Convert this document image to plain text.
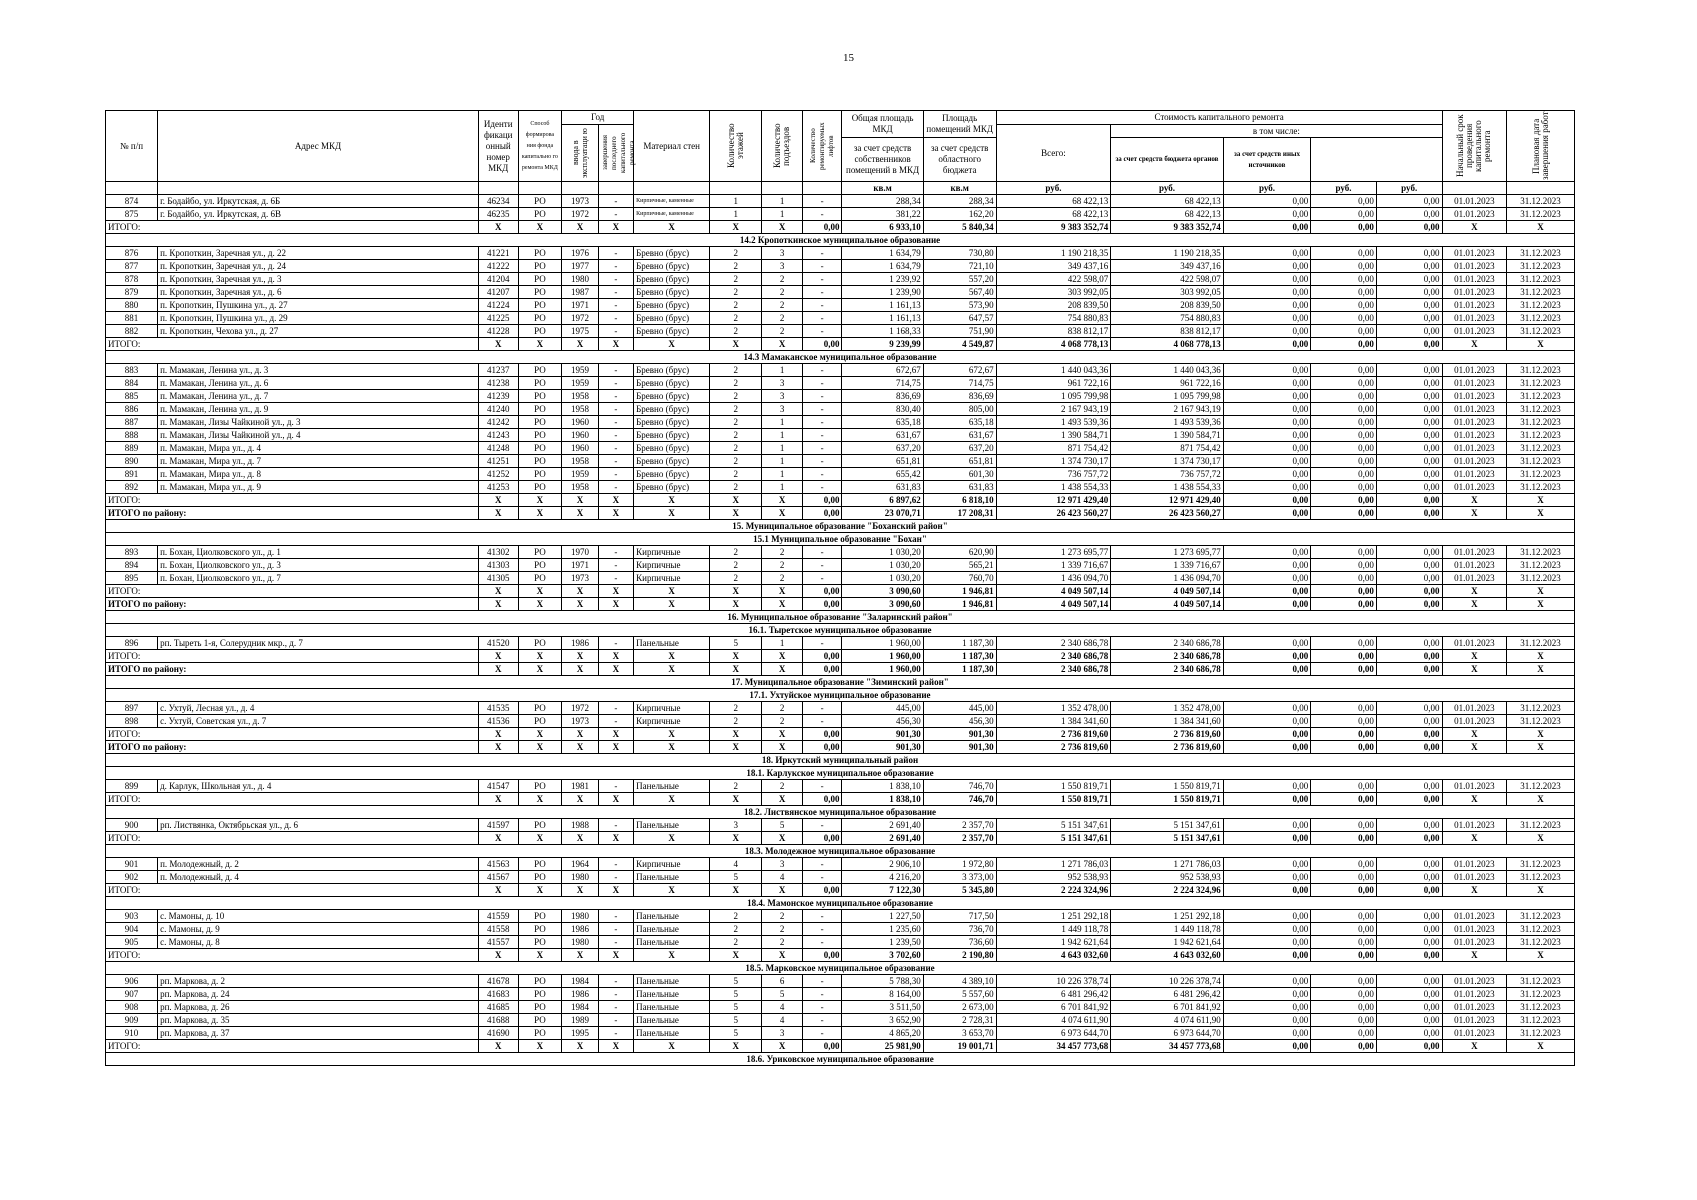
15
№ п/п	Адрес МКД	Иденти фикаци онный номер МКД	Способ формирова ния фонда капитально го ремонта МКД	Год		Материал стен	Количество этажей	Количество подъездов	Количество ремонтируемых лифтов	Общая площадь МКД	Площадь помещений МКД	Стоимость капитального ремонта					Начальный срок проведения капитального ремонта	Плановая дата завершения работ

				ввода в эксплуатаци ю	завершения последнего капитального ремонта							Всего:	в том числе:					
										за счет средств собственников помещений в МКД	за счет средств областного бюджета		за счет средств бюджета органов	за счет средств иных источников				
										кв.м	кв.м	руб.	руб.	руб.	руб.	руб.		
874	г. Бодайбо, ул. Иркутская, д. 6Б	46234	РО	1973	-	Кирпичные, каменные	1	1	-	288,34	288,34	68 422,13	68 422,13	0,00	0,00	0,00	01.01.2023	31.12.2023
875	г. Бодайбо, ул. Иркутская, д. 6В	46235	РО	1972	-	Кирпичные, каменные	1	1	-	381,22	162,20	68 422,13	68 422,13	0,00	0,00	0,00	01.01.2023	31.12.2023
ИТОГО:		X	X	X	X	X	X	X	0,00	6 933,10	5 840,34	9 383 352,74	9 383 352,74	0,00	0,00	0,00	X	X
14.2 Кропоткинское муниципальное образование																		
876	п. Кропоткин, Заречная ул., д. 22	41221	РО	1976	-	Бревно (брус)	2	3	-	1 634,79	730,80	1 190 218,35	1 190 218,35	0,00	0,00	0,00	01.01.2023	31.12.2023
877	п. Кропоткин, Заречная ул., д. 24	41222	РО	1977	-	Бревно (брус)	2	3	-	1 634,79	721,10	349 437,16	349 437,16	0,00	0,00	0,00	01.01.2023	31.12.2023
878	п. Кропоткин, Заречная ул., д. 3	41204	РО	1980	-	Бревно (брус)	2	2	-	1 239,92	557,20	422 598,07	422 598,07	0,00	0,00	0,00	01.01.2023	31.12.2023
879	п. Кропоткин, Заречная ул., д. 6	41207	РО	1987	-	Бревно (брус)	2	2	-	1 239,90	567,40	303 992,05	303 992,05	0,00	0,00	0,00	01.01.2023	31.12.2023
880	п. Кропоткин, Пушкина ул., д. 27	41224	РО	1971	-	Бревно (брус)	2	2	-	1 161,13	573,90	208 839,50	208 839,50	0,00	0,00	0,00	01.01.2023	31.12.2023
881	п. Кропоткин, Пушкина ул., д. 29	41225	РО	1972	-	Бревно (брус)	2	2	-	1 161,13	647,57	754 880,83	754 880,83	0,00	0,00	0,00	01.01.2023	31.12.2023
882	п. Кропоткин, Чехова ул., д. 27	41228	РО	1975	-	Бревно (брус)	2	2	-	1 168,33	751,90	838 812,17	838 812,17	0,00	0,00	0,00	01.01.2023	31.12.2023
ИТОГО:		X	X	X	X	X	X	X	0,00	9 239,99	4 549,87	4 068 778,13	4 068 778,13	0,00	0,00	0,00	X	X
14.3 Мамаканское муниципальное образование																		
883	п. Мамакан, Ленина ул., д. 3	41237	РО	1959	-	Бревно (брус)	2	1	-	672,67	672,67	1 440 043,36	1 440 043,36	0,00	0,00	0,00	01.01.2023	31.12.2023
884	п. Мамакан, Ленина ул., д. 6	41238	РО	1959	-	Бревно (брус)	2	3	-	714,75	714,75	961 722,16	961 722,16	0,00	0,00	0,00	01.01.2023	31.12.2023
885	п. Мамакан, Ленина ул., д. 7	41239	РО	1958	-	Бревно (брус)	2	3	-	836,69	836,69	1 095 799,98	1 095 799,98	0,00	0,00	0,00	01.01.2023	31.12.2023
886	п. Мамакан, Ленина ул., д. 9	41240	РО	1958	-	Бревно (брус)	2	3	-	830,40	805,00	2 167 943,19	2 167 943,19	0,00	0,00	0,00	01.01.2023	31.12.2023
887	п. Мамакан, Лизы Чайкиной ул., д. 3	41242	РО	1960	-	Бревно (брус)	2	1	-	635,18	635,18	1 493 539,36	1 493 539,36	0,00	0,00	0,00	01.01.2023	31.12.2023
888	п. Мамакан, Лизы Чайкиной ул., д. 4	41243	РО	1960	-	Бревно (брус)	2	1	-	631,67	631,67	1 390 584,71	1 390 584,71	0,00	0,00	0,00	01.01.2023	31.12.2023
889	п. Мамакан, Мира ул., д. 4	41248	РО	1960	-	Бревно (брус)	2	1	-	637,20	637,20	871 754,42	871 754,42	0,00	0,00	0,00	01.01.2023	31.12.2023
890	п. Мамакан, Мира ул., д. 7	41251	РО	1958	-	Бревно (брус)	2	1	-	651,81	651,81	1 374 730,17	1 374 730,17	0,00	0,00	0,00	01.01.2023	31.12.2023
891	п. Мамакан, Мира ул., д. 8	41252	РО	1959	-	Бревно (брус)	2	1	-	655,42	601,30	736 757,72	736 757,72	0,00	0,00	0,00	01.01.2023	31.12.2023
892	п. Мамакан, Мира ул., д. 9	41253	РО	1958	-	Бревно (брус)	2	1	-	631,83	631,83	1 438 554,33	1 438 554,33	0,00	0,00	0,00	01.01.2023	31.12.2023
ИТОГО:		X	X	X	X	X	X	X	0,00	6 897,62	6 818,10	12 971 429,40	12 971 429,40	0,00	0,00	0,00	X	X
ИТОГО по району:		X	X	X	X	X	X	X	0,00	23 070,71	17 208,31	26 423 560,27	26 423 560,27	0,00	0,00	0,00	X	X
15. Муниципальное образование "Боханский район"																		
15.1 Муниципальное образование "Бохан"																		
893	п. Бохан, Циолковского ул., д. 1	41302	РО	1970	-	Кирпичные	2	2	-	1 030,20	620,90	1 273 695,77	1 273 695,77	0,00	0,00	0,00	01.01.2023	31.12.2023
894	п. Бохан, Циолковского ул., д. 3	41303	РО	1971	-	Кирпичные	2	2	-	1 030,20	565,21	1 339 716,67	1 339 716,67	0,00	0,00	0,00	01.01.2023	31.12.2023
895	п. Бохан, Циолковского ул., д. 7	41305	РО	1973	-	Кирпичные	2	2	-	1 030,20	760,70	1 436 094,70	1 436 094,70	0,00	0,00	0,00	01.01.2023	31.12.2023
ИТОГО:		X	X	X	X	X	X	X	0,00	3 090,60	1 946,81	4 049 507,14	4 049 507,14	0,00	0,00	0,00	X	X
ИТОГО по району:		X	X	X	X	X	X	X	0,00	3 090,60	1 946,81	4 049 507,14	4 049 507,14	0,00	0,00	0,00	X	X
16. Муниципальное образование "Заларинский район"																		
16.1. Тыретское муниципальное образование																		
896	рп. Тыреть 1-я, Солерудник мкр., д. 7	41520	РО	1986	-	Панельные	5	1	-	1 960,00	1 187,30	2 340 686,78	2 340 686,78	0,00	0,00	0,00	01.01.2023	31.12.2023
ИТОГО:		X	X	X	X	X	X	X	0,00	1 960,00	1 187,30	2 340 686,78	2 340 686,78	0,00	0,00	0,00	X	X
ИТОГО по району:		X	X	X	X	X	X	X	0,00	1 960,00	1 187,30	2 340 686,78	2 340 686,78	0,00	0,00	0,00	X	X
17. Муниципальное образование "Зиминский район"																		
17.1. Ухтуйское муниципальное образование																		
897	с. Ухтуй, Лесная ул., д. 4	41535	РО	1972	-	Кирпичные	2	2	-	445,00	445,00	1 352 478,00	1 352 478,00	0,00	0,00	0,00	01.01.2023	31.12.2023
898	с. Ухтуй, Советская ул., д. 7	41536	РО	1973	-	Кирпичные	2	2	-	456,30	456,30	1 384 341,60	1 384 341,60	0,00	0,00	0,00	01.01.2023	31.12.2023
ИТОГО:		X	X	X	X	X	X	X	0,00	901,30	901,30	2 736 819,60	2 736 819,60	0,00	0,00	0,00	X	X
ИТОГО по району:		X	X	X	X	X	X	X	0,00	901,30	901,30	2 736 819,60	2 736 819,60	0,00	0,00	0,00	X	X
18. Иркутский муниципальный район																		
18.1. Карлукское муниципальное образование																		
899	д. Карлук, Школьная ул., д. 4	41547	РО	1981	-	Панельные	2	2	-	1 838,10	746,70	1 550 819,71	1 550 819,71	0,00	0,00	0,00	01.01.2023	31.12.2023
ИТОГО:		X	X	X	X	X	X	X	0,00	1 838,10	746,70	1 550 819,71	1 550 819,71	0,00	0,00	0,00	X	X
18.2. Листвянское муниципальное образование																		
900	рп. Листвянка, Октябрьская ул., д. 6	41597	РО	1988	-	Панельные	3	5	-	2 691,40	2 357,70	5 151 347,61	5 151 347,61	0,00	0,00	0,00	01.01.2023	31.12.2023
ИТОГО:		X	X	X	X	X	X	X	0,00	2 691,40	2 357,70	5 151 347,61	5 151 347,61	0,00	0,00	0,00	X	X
18.3. Молодежное муниципальное образование																		
901	п. Молодежный, д. 2	41563	РО	1964	-	Кирпичные	4	3	-	2 906,10	1 972,80	1 271 786,03	1 271 786,03	0,00	0,00	0,00	01.01.2023	31.12.2023
902	п. Молодежный, д. 4	41567	РО	1980	-	Панельные	5	4	-	4 216,20	3 373,00	952 538,93	952 538,93	0,00	0,00	0,00	01.01.2023	31.12.2023
ИТОГО:		X	X	X	X	X	X	X	0,00	7 122,30	5 345,80	2 224 324,96	2 224 324,96	0,00	0,00	0,00	X	X
18.4. Мамонское муниципальное образование																		
903	с. Мамоны, д. 10	41559	РО	1980	-	Панельные	2	2	-	1 227,50	717,50	1 251 292,18	1 251 292,18	0,00	0,00	0,00	01.01.2023	31.12.2023
904	с. Мамоны, д. 9	41558	РО	1986	-	Панельные	2	2	-	1 235,60	736,70	1 449 118,78	1 449 118,78	0,00	0,00	0,00	01.01.2023	31.12.2023
905	с. Мамоны, д. 8	41557	РО	1980	-	Панельные	2	2	-	1 239,50	736,60	1 942 621,64	1 942 621,64	0,00	0,00	0,00	01.01.2023	31.12.2023
ИТОГО:		X	X	X	X	X	X	X	0,00	3 702,60	2 190,80	4 643 032,60	4 643 032,60	0,00	0,00	0,00	X	X
18.5. Марковское муниципальное образование																		
906	рп. Маркова, д. 2	41678	РО	1984	-	Панельные	5	6	-	5 788,30	4 389,10	10 226 378,74	10 226 378,74	0,00	0,00	0,00	01.01.2023	31.12.2023
907	рп. Маркова, д. 24	41683	РО	1986	-	Панельные	5	5	-	8 164,00	5 557,60	6 481 296,42	6 481 296,42	0,00	0,00	0,00	01.01.2023	31.12.2023
908	рп. Маркова, д. 26	41685	РО	1984	-	Панельные	5	4	-	3 511,50	2 673,00	6 701 841,92	6 701 841,92	0,00	0,00	0,00	01.01.2023	31.12.2023
909	рп. Маркова, д. 35	41688	РО	1989	-	Панельные	5	4	-	3 652,90	2 728,31	4 074 611,90	4 074 611,90	0,00	0,00	0,00	01.01.2023	31.12.2023
910	рп. Маркова, д. 37	41690	РО	1995	-	Панельные	5	3	-	4 865,20	3 653,70	6 973 644,70	6 973 644,70	0,00	0,00	0,00	01.01.2023	31.12.2023
ИТОГО:		X	X	X	X	X	X	X	0,00	25 981,90	19 001,71	34 457 773,68	34 457 773,68	0,00	0,00	0,00	X	X
18.6. Уриковское муниципальное образование																		
